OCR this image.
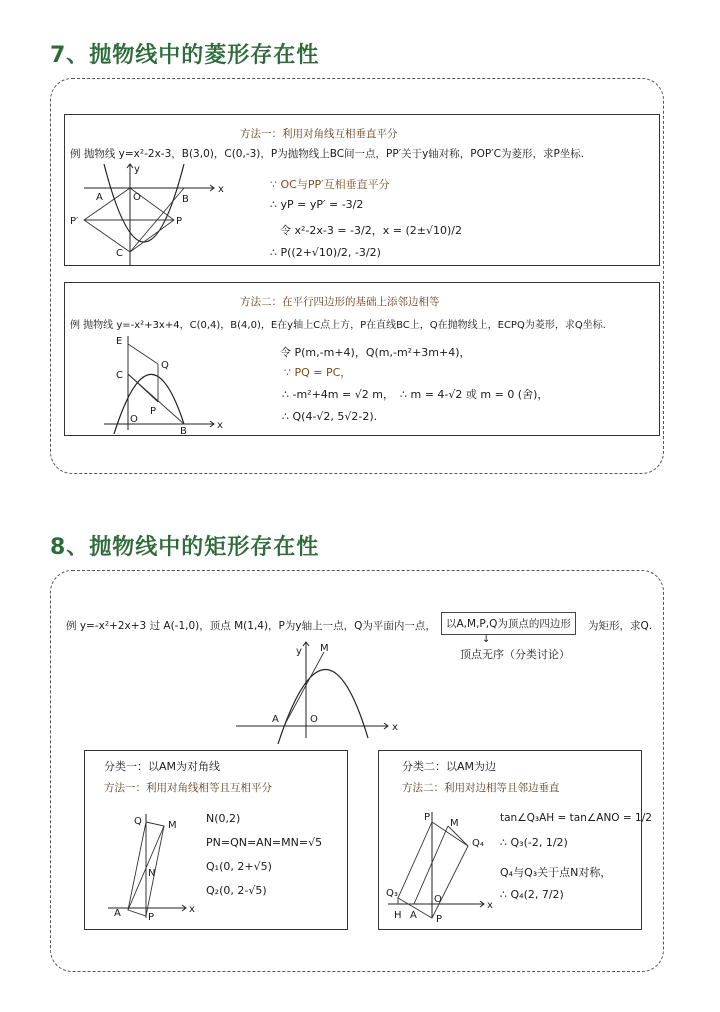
7、抛物线中的菱形存在性
方法一：利用对角线互相垂直平分
例 抛物线 y=x²-2x-3，B(3,0)，C(0,-3)，P为抛物线上BC间一点，PP′关于y轴对称，POP′C为菱形，求P坐标.
∵ OC与PP′互相垂直平分
∴ yP = yP′ = -3/2
令 x²-2x-3 = -3/2，x = (2±√10)/2
∴ P((2+√10)/2, -3/2)
y
x
A	O	B
P′	P
C
方法二：在平行四边形的基础上添邻边相等
例 抛物线 y=-x²+3x+4，C(0,4)，B(4,0)，E在y轴上C点上方，P在直线BC上，Q在抛物线上，ECPQ为菱形，求Q坐标.
令 P(m,-m+4)，Q(m,-m²+3m+4)，
∵ PQ = PC，
∴ -m²+4m = √2 m， ∴ m = 4-√2 或 m = 0 (舍)，
∴ Q(4-√2, 5√2-2).
E
C
Q
P
O
B
x
8、抛物线中的矩形存在性
例 y=-x²+2x+3 过 A(-1,0)，顶点 M(1,4)，P为y轴上一点，Q为平面内一点， 以A,M,P,Q为顶点的四边形	为矩形，求Q.
↓
顶点无序（分类讨论）
y M
A	O
x
分类一：以AM为对角线
方法一：利用对角线相等且互相平分
N(0,2)
PN=QN=AN=MN=√5
Q₁(0, 2+√5)
Q₂(0, 2-√5)
Q	M
N
A	P
x
分类二：以AM为边
方法二：利用对边相等且邻边垂直
tan∠Q₃AH = tan∠ANO = 1/2
∴ Q₃(-2, 1/2)
Q₄与Q₃关于点N对称，
∴ Q₄(2, 7/2)
P
M
Q₄
Q₃
H A
O
P
x
